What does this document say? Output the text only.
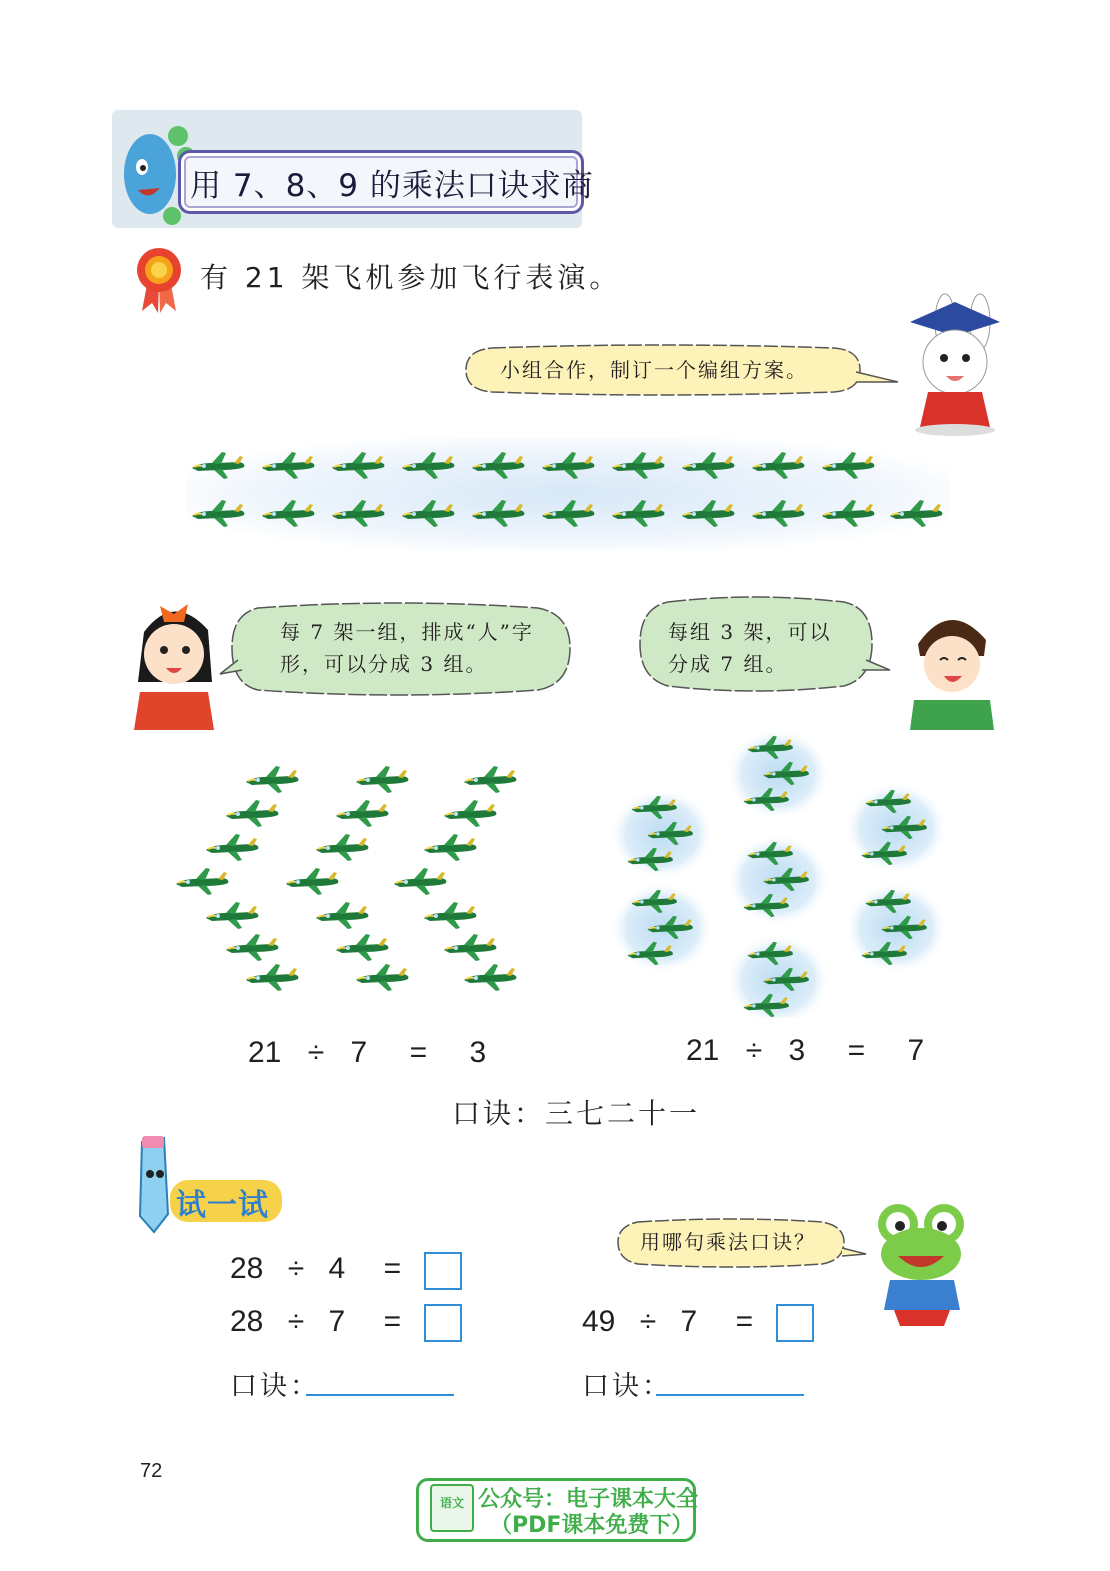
用 7、8、9 的乘法口诀求商
有 21 架飞机参加飞行表演。
小组合作，制订一个编组方案。
每 7 架一组，排成“人”字
形，可以分成 3 组。
每组 3 架，可以
分成 7 组。
21 ÷ 7 = 3	21 ÷ 3 = 7
口诀：三七二十一
试一试
用哪句乘法口诀？
28 ÷ 4 =
28 ÷ 7 =	49 ÷ 7 =
口诀：	口诀：
72
语文 公众号：电子课本大全
（PDF课本免费下）
